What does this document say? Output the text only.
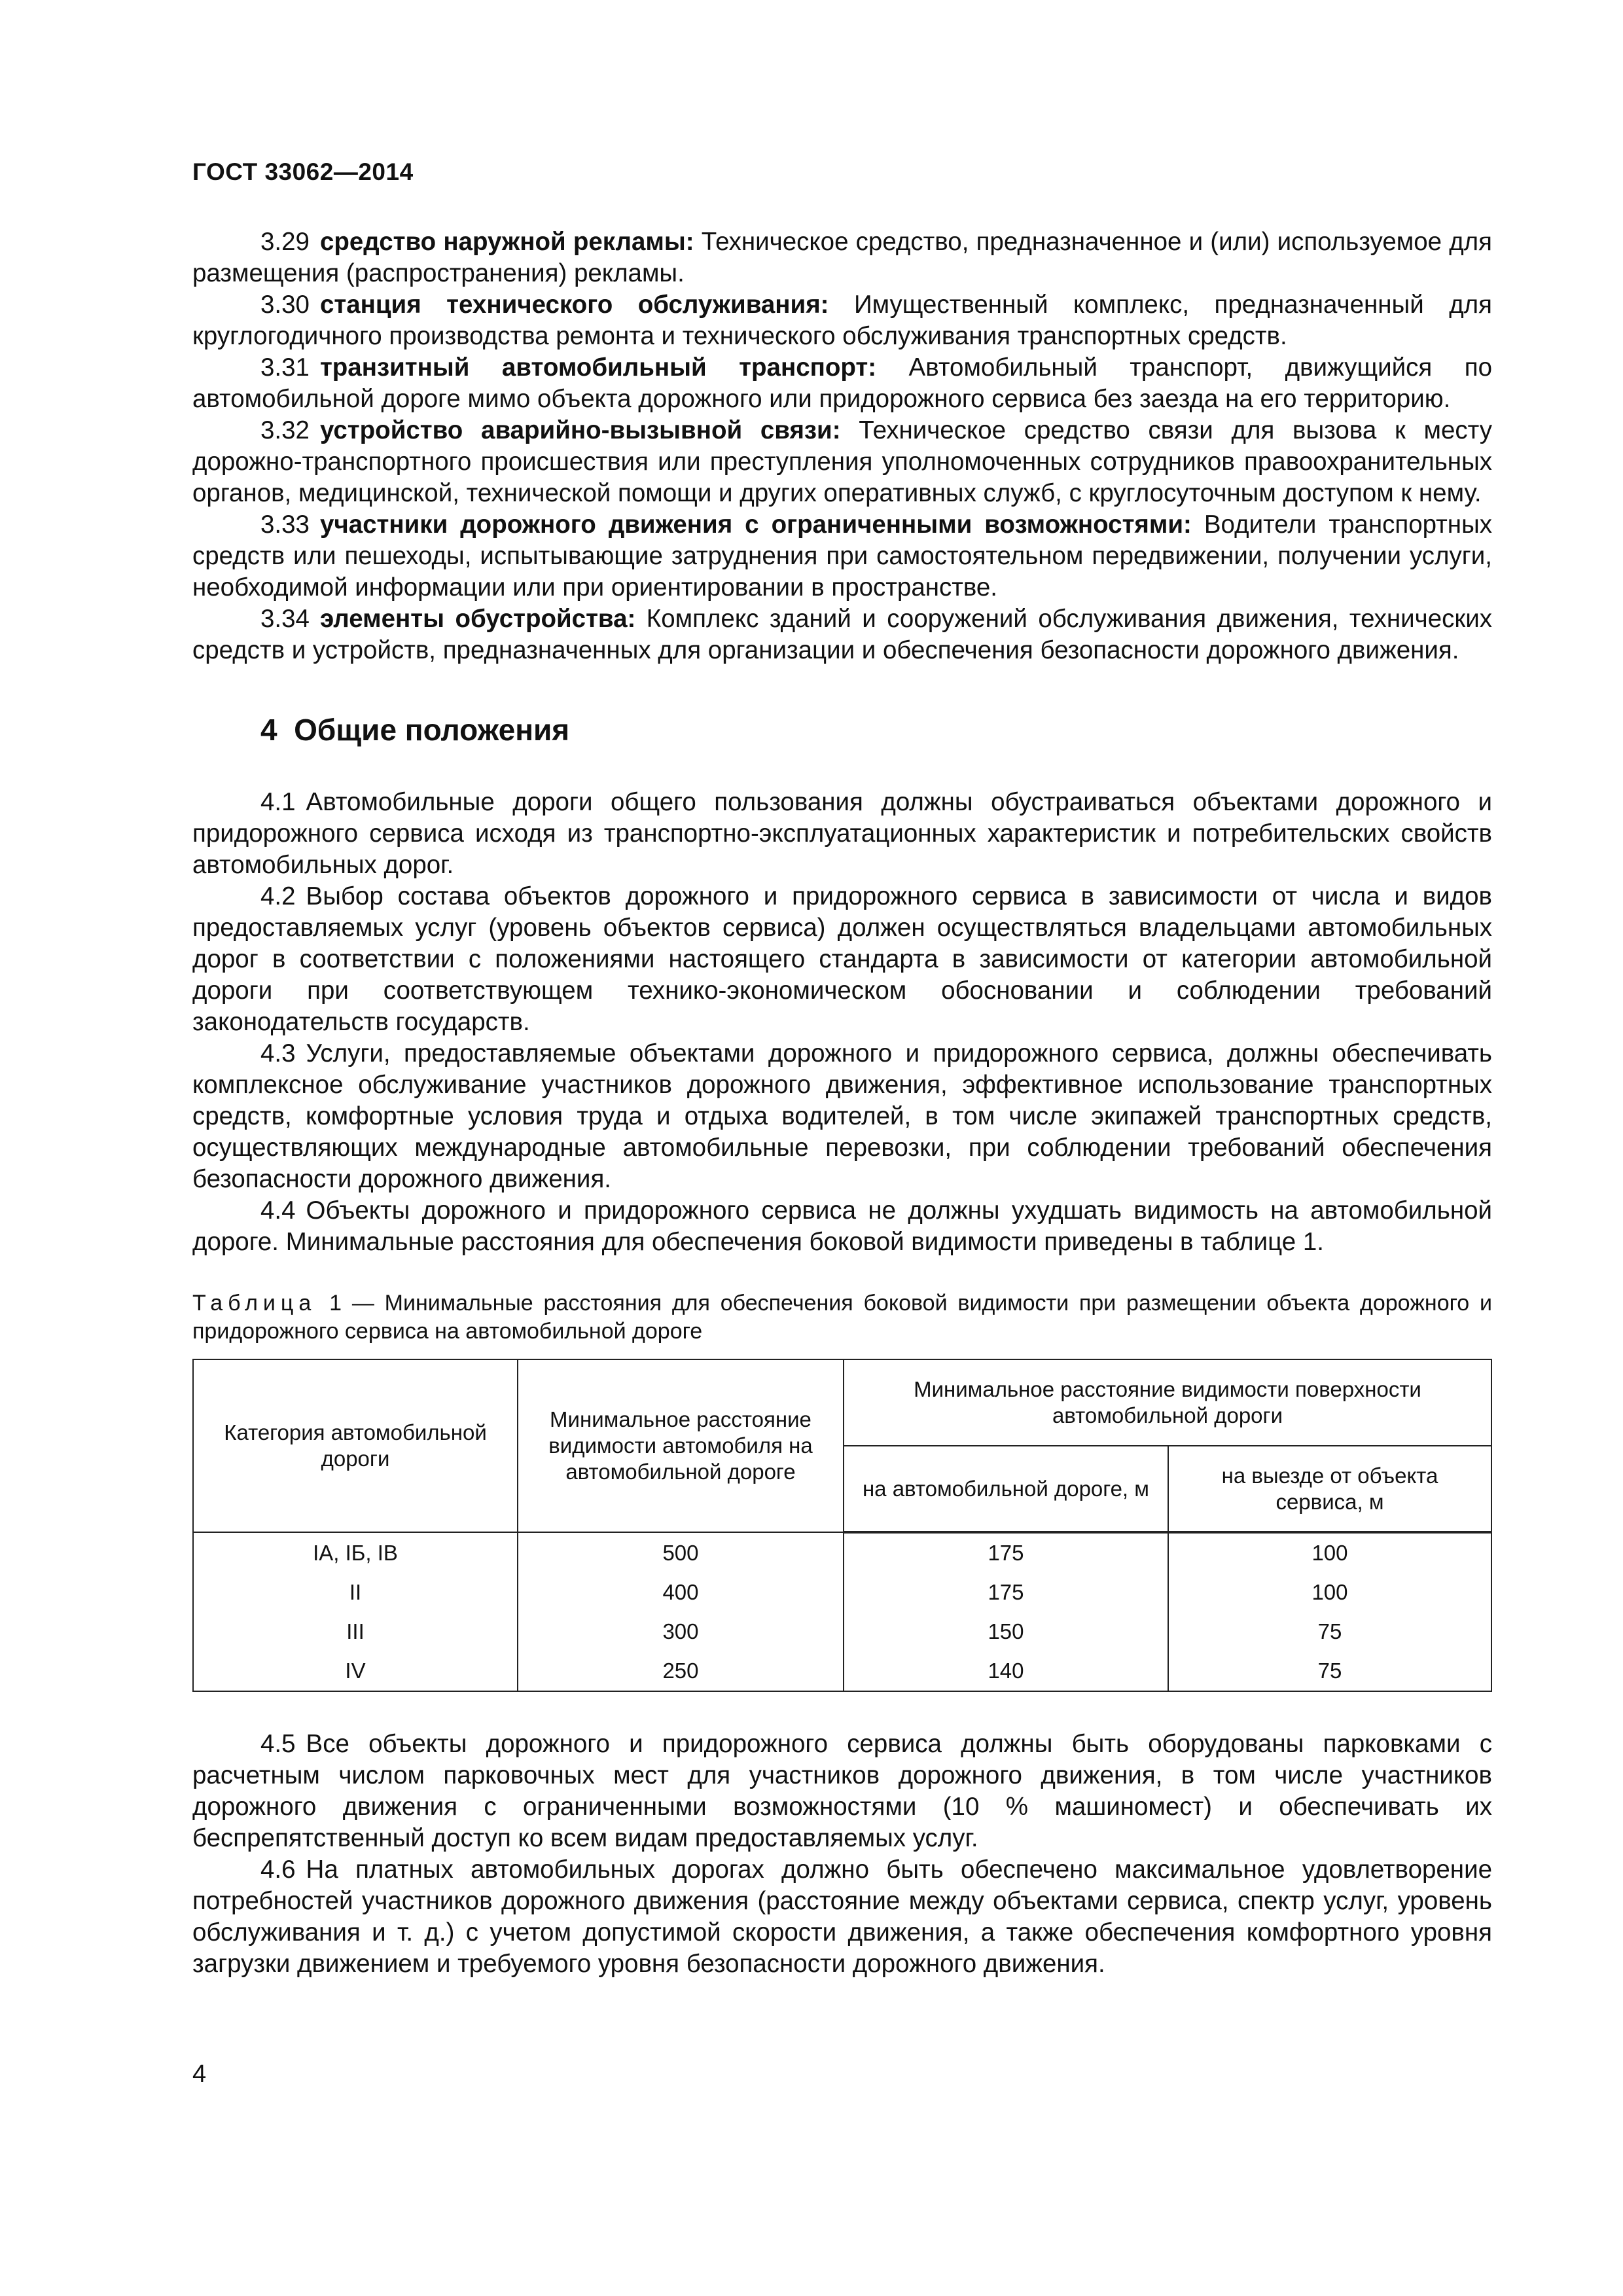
ГОСТ 33062—2014

3.29 средство наружной рекламы: Техническое средство, предназначенное и (или) используемое для размещения (распространения) рекламы.

3.30 станция технического обслуживания: Имущественный комплекс, предназначенный для круглогодичного производства ремонта и технического обслуживания транспортных средств.

3.31 транзитный автомобильный транспорт: Автомобильный транспорт, движущийся по автомобильной дороге мимо объекта дорожного или придорожного сервиса без заезда на его территорию.

3.32 устройство аварийно-вызывной связи: Техническое средство связи для вызова к месту дорожно-транспортного происшествия или преступления уполномоченных сотрудников правоохранительных органов, медицинской, технической помощи и других оперативных служб, с круглосуточным доступом к нему.

3.33 участники дорожного движения с ограниченными возможностями: Водители транспортных средств или пешеходы, испытывающие затруднения при самостоятельном передвижении, получении услуги, необходимой информации или при ориентировании в пространстве.

3.34 элементы обустройства: Комплекс зданий и сооружений обслуживания движения, технических средств и устройств, предназначенных для организации и обеспечения безопасности дорожного движения.

4 Общие положения

4.1 Автомобильные дороги общего пользования должны обустраиваться объектами дорожного и придорожного сервиса исходя из транспортно-эксплуатационных характеристик и потребительских свойств автомобильных дорог.

4.2 Выбор состава объектов дорожного и придорожного сервиса в зависимости от числа и видов предоставляемых услуг (уровень объектов сервиса) должен осуществляться владельцами автомобильных дорог в соответствии с положениями настоящего стандарта в зависимости от категории автомобильной дороги при соответствующем технико-экономическом обосновании и соблюдении требований законодательств государств.

4.3 Услуги, предоставляемые объектами дорожного и придорожного сервиса, должны обеспечивать комплексное обслуживание участников дорожного движения, эффективное использование транспортных средств, комфортные условия труда и отдыха водителей, в том числе экипажей транспортных средств, осуществляющих международные автомобильные перевозки, при соблюдении требований обеспечения безопасности дорожного движения.

4.4 Объекты дорожного и придорожного сервиса не должны ухудшать видимость на автомобильной дороге. Минимальные расстояния для обеспечения боковой видимости приведены в таблице 1.

Таблица 1 — Минимальные расстояния для обеспечения боковой видимости при размещении объекта дорожного и придорожного сервиса на автомобильной дороге
Категория автомобильной дороги	Минимальное расстояние видимости автомобиля на автомобильной дороге	Минимальное расстояние видимости поверхности автомобильной дороги	
		на автомобильной дороге, м	на выезде от объекта сервиса, м
IA, IБ, IB	500	175	100
II	400	175	100
III	300	150	75
IV	250	140	75

4.5 Все объекты дорожного и придорожного сервиса должны быть оборудованы парковками с расчетным числом парковочных мест для участников дорожного движения, в том числе участников дорожного движения с ограниченными возможностями (10 % машиномест) и обеспечивать их беспрепятственный доступ ко всем видам предоставляемых услуг.

4.6 На платных автомобильных дорогах должно быть обеспечено максимальное удовлетворение потребностей участников дорожного движения (расстояние между объектами сервиса, спектр услуг, уровень обслуживания и т. д.) с учетом допустимой скорости движения, а также обеспечения комфортного уровня загрузки движением и требуемого уровня безопасности дорожного движения.

4
